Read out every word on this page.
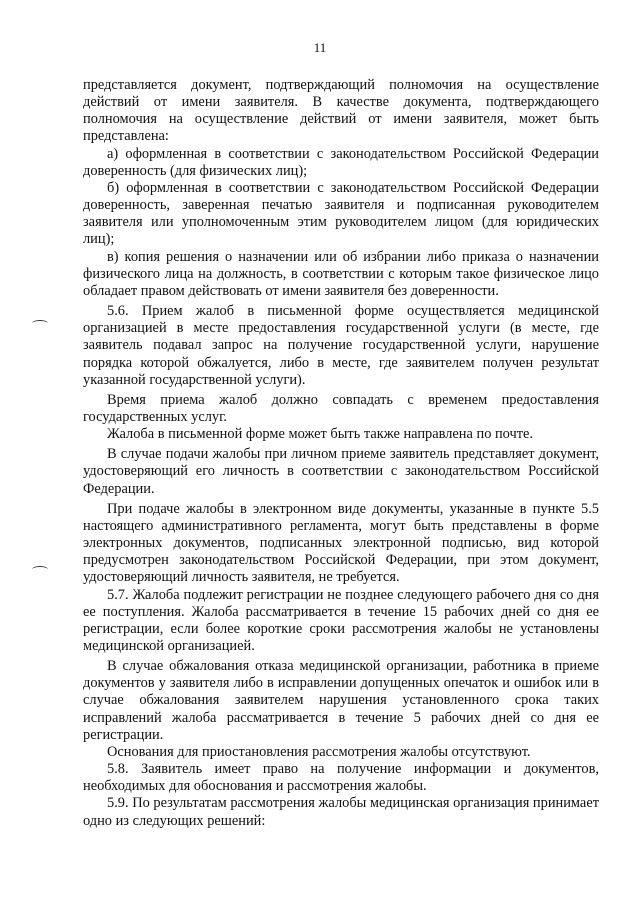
11

представляется документ, подтверждающий полномочия на осуществление действий от имени заявителя. В качестве документа, подтверждающего полномочия на осуществление действий от имени заявителя, может быть представлена:

а) оформленная в соответствии с законодательством Российской Федерации доверенность (для физических лиц);

б) оформленная в соответствии с законодательством Российской Федерации доверенность, заверенная печатью заявителя и подписанная руководителем заявителя или уполномоченным этим руководителем лицом (для юридических лиц);

в) копия решения о назначении или об избрании либо приказа о назначении физического лица на должность, в соответствии с которым такое физическое лицо обладает правом действовать от имени заявителя без доверенности.

5.6. Прием жалоб в письменной форме осуществляется медицинской организацией в месте предоставления государственной услуги (в месте, где заявитель подавал запрос на получение государственной услуги, нарушение порядка которой обжалуется, либо в месте, где заявителем получен результат указанной государственной услуги).

Время приема жалоб должно совпадать с временем предоставления государственных услуг.

Жалоба в письменной форме может быть также направлена по почте.

В случае подачи жалобы при личном приеме заявитель представляет документ, удостоверяющий его личность в соответствии с законодательством Российской Федерации.

При подаче жалобы в электронном виде документы, указанные в пункте 5.5 настоящего административного регламента, могут быть представлены в форме электронных документов, подписанных электронной подписью, вид которой предусмотрен законодательством Российской Федерации, при этом документ, удостоверяющий личность заявителя, не требуется.

5.7. Жалоба подлежит регистрации не позднее следующего рабочего дня со дня ее поступления. Жалоба рассматривается в течение 15 рабочих дней со дня ее регистрации, если более короткие сроки рассмотрения жалобы не установлены медицинской организацией.

В случае обжалования отказа медицинской организации, работника в приеме документов у заявителя либо в исправлении допущенных опечаток и ошибок или в случае обжалования заявителем нарушения установленного срока таких исправлений жалоба рассматривается в течение 5 рабочих дней со дня ее регистрации.

Основания для приостановления рассмотрения жалобы отсутствуют.

5.8. Заявитель имеет право на получение информации и документов, необходимых для обоснования и рассмотрения жалобы.

5.9. По результатам рассмотрения жалобы медицинская организация принимает одно из следующих решений:
